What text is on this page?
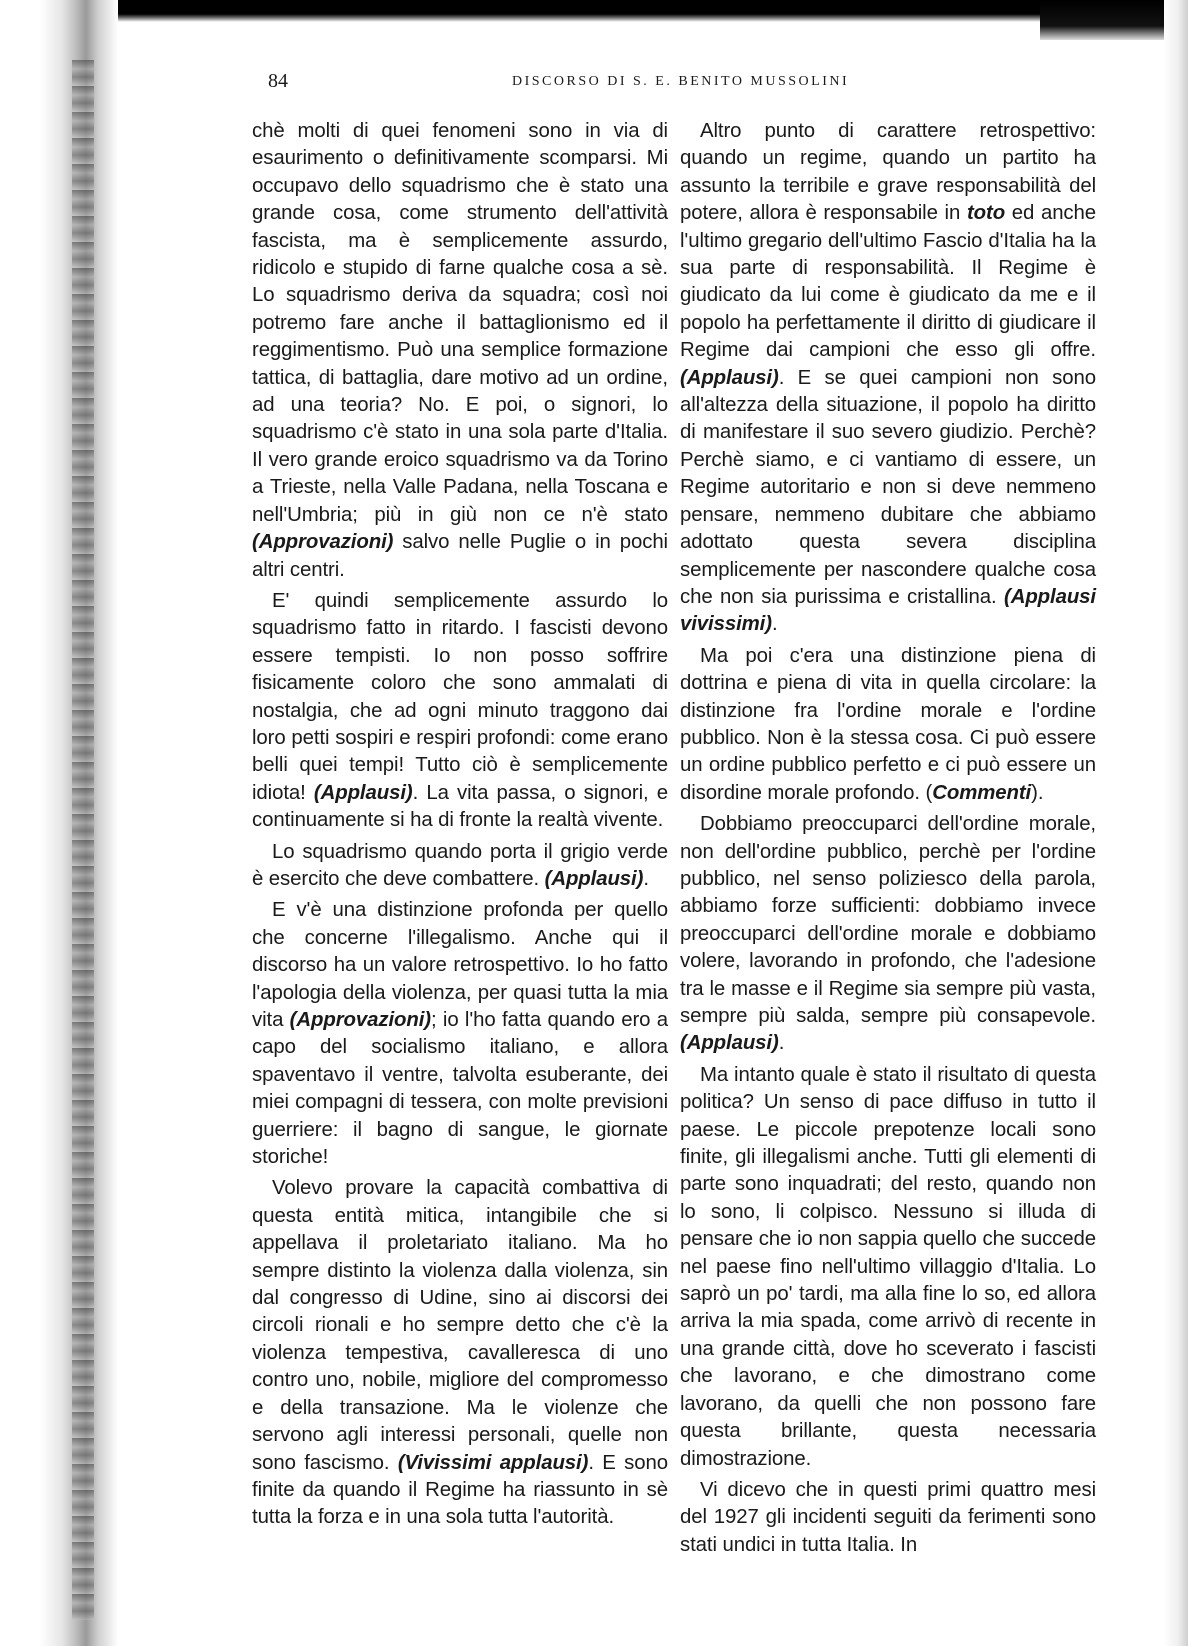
84	DISCORSO DI S. E. BENITO MUSSOLINI

chè molti di quei fenomeni sono in via di esaurimento o definitivamente scomparsi. Mi occupavo dello squadrismo che è stato una grande cosa, come strumento dell'attività fascista, ma è semplicemente assurdo, ridicolo e stupido di farne qualche cosa a sè. Lo squadrismo deriva da squadra; così noi potremo fare anche il battaglionismo ed il reggimentismo. Può una semplice formazione tattica, di battaglia, dare motivo ad un ordine, ad una teoria? No. E poi, o signori, lo squadrismo c'è stato in una sola parte d'Italia. Il vero grande eroico squadrismo va da Torino a Trieste, nella Valle Padana, nella Toscana e nell'Umbria; più in giù non ce n'è stato (Approvazioni) salvo nelle Puglie o in pochi altri centri.

E' quindi semplicemente assurdo lo squadrismo fatto in ritardo. I fascisti devono essere tempisti. Io non posso soffrire fisicamente coloro che sono ammalati di nostalgia, che ad ogni minuto traggono dai loro petti sospiri e respiri profondi: come erano belli quei tempi! Tutto ciò è semplicemente idiota! (Applausi). La vita passa, o signori, e continuamente si ha di fronte la realtà vivente.

Lo squadrismo quando porta il grigio verde è esercito che deve combattere. (Applausi).

E v'è una distinzione profonda per quello che concerne l'illegalismo. Anche qui il discorso ha un valore retrospettivo. Io ho fatto l'apologia della violenza, per quasi tutta la mia vita (Approvazioni); io l'ho fatta quando ero a capo del socialismo italiano, e allora spaventavo il ventre, talvolta esuberante, dei miei compagni di tessera, con molte previsioni guerriere: il bagno di sangue, le giornate storiche!

Volevo provare la capacità combattiva di questa entità mitica, intangibile che si appellava il proletariato italiano. Ma ho sempre distinto la violenza dalla violenza, sin dal congresso di Udine, sino ai discorsi dei circoli rionali e ho sempre detto che c'è la violenza tempestiva, cavalleresca di uno contro uno, nobile, migliore del compromesso e della transazione. Ma le violenze che servono agli interessi personali, quelle non sono fascismo. (Vivissimi applausi). E sono finite da quando il Regime ha riassunto in sè tutta la forza e in una sola tutta l'autorità.

Altro punto di carattere retrospettivo: quando un regime, quando un partito ha assunto la terribile e grave responsabilità del potere, allora è responsabile in toto ed anche l'ultimo gregario dell'ultimo Fascio d'Italia ha la sua parte di responsabilità. Il Regime è giudicato da lui come è giudicato da me e il popolo ha perfettamente il diritto di giudicare il Regime dai campioni che esso gli offre. (Applausi). E se quei campioni non sono all'altezza della situazione, il popolo ha diritto di manifestare il suo severo giudizio. Perchè? Perchè siamo, e ci vantiamo di essere, un Regime autoritario e non si deve nemmeno pensare, nemmeno dubitare che abbiamo adottato questa severa disciplina semplicemente per nascondere qualche cosa che non sia purissima e cristallina. (Applausi vivissimi).

Ma poi c'era una distinzione piena di dottrina e piena di vita in quella circolare: la distinzione fra l'ordine morale e l'ordine pubblico. Non è la stessa cosa. Ci può essere un ordine pubblico perfetto e ci può essere un disordine morale profondo. (Commenti).

Dobbiamo preoccuparci dell'ordine morale, non dell'ordine pubblico, perchè per l'ordine pubblico, nel senso poliziesco della parola, abbiamo forze sufficienti: dobbiamo invece preoccuparci dell'ordine morale e dobbiamo volere, lavorando in profondo, che l'adesione tra le masse e il Regime sia sempre più vasta, sempre più salda, sempre più consapevole. (Applausi).

Ma intanto quale è stato il risultato di questa politica? Un senso di pace diffuso in tutto il paese. Le piccole prepotenze locali sono finite, gli illegalismi anche. Tutti gli elementi di parte sono inquadrati; del resto, quando non lo sono, li colpisco. Nessuno si illuda di pensare che io non sappia quello che succede nel paese fino nell'ultimo villaggio d'Italia. Lo saprò un po' tardi, ma alla fine lo so, ed allora arriva la mia spada, come arrivò di recente in una grande città, dove ho sceverato i fascisti che lavorano, e che dimostrano come lavorano, da quelli che non possono fare questa brillante, questa necessaria dimostrazione.

Vi dicevo che in questi primi quattro mesi del 1927 gli incidenti seguiti da ferimenti sono stati undici in tutta Italia. In
